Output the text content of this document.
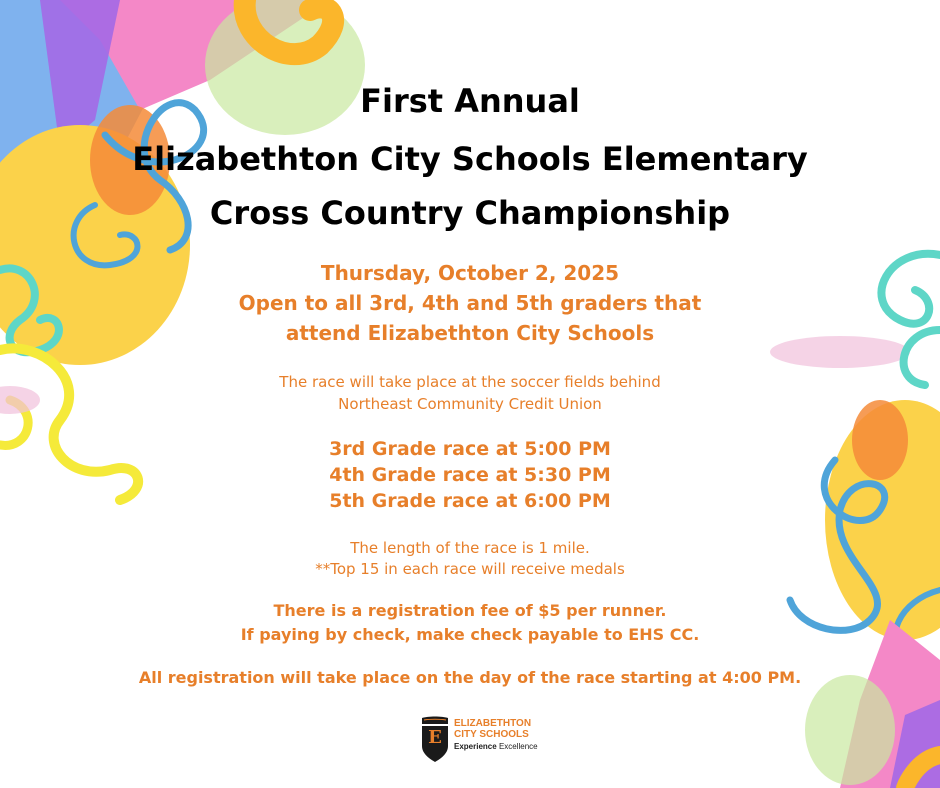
First Annual
Elizabethton City Schools Elementary
Cross Country Championship
Thursday, October 2, 2025
Open to all 3rd, 4th and 5th graders that
attend Elizabethton City Schools
The race will take place at the soccer fields behind
Northeast Community Credit Union
3rd Grade race at 5:00 PM
4th Grade race at 5:30 PM
5th Grade race at 6:00 PM
The length of the race is 1 mile.
**Top 15 in each race will receive medals
There is a registration fee of $5 per runner.
If paying by check, make check payable to EHS CC.
All registration will take place on the day of the race starting at 4:00 PM.
E
ELIZABETHTON
CITY SCHOOLS
Experience Excellence
